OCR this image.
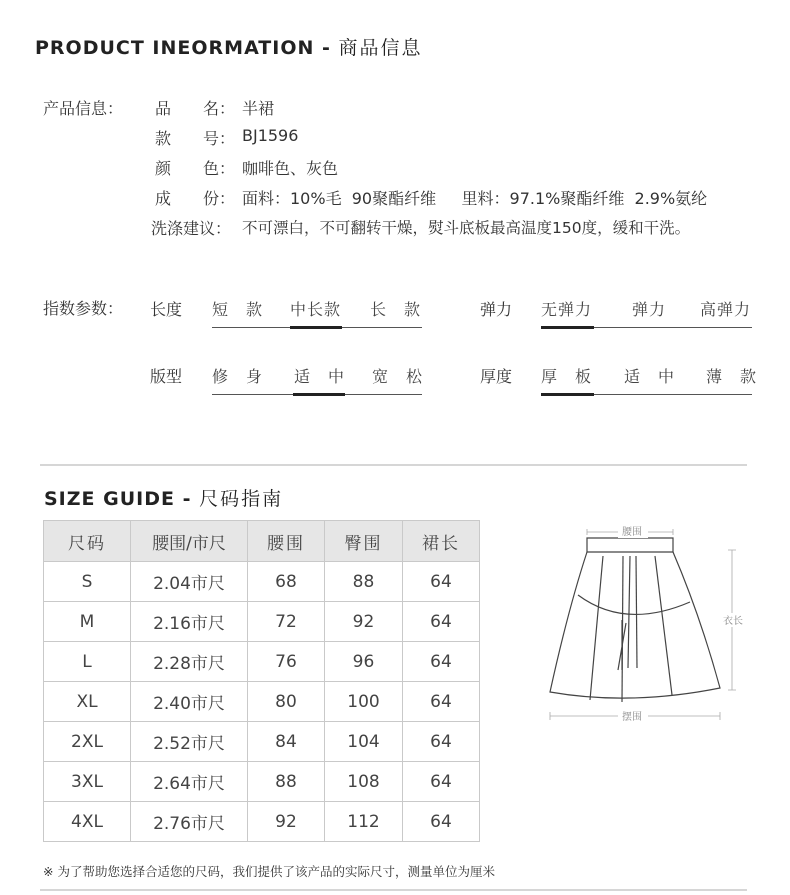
PRODUCT INEORMATION - 商品信息
产品信息： 品　　名： 半裙
款　　号： BJ1596
颜　　色： 咖啡色、灰色
成　　份： 面料：10%毛  90聚酯纤维     里料：97.1%聚酯纤维  2.9%氨纶
洗涤建议： 不可漂白，不可翻转干燥，熨斗底板最高温度150度，缓和干洗。
指数参数： 长度 短　款 中长款 长　款	弹力 无弹力 弹力 高弹力
版型 修　身 适　中 宽　松	厚度 厚　板 适　中 薄　款
SIZE GUIDE - 尺码指南
尺码	腰围/市尺	腰围	臀围	裙长
S	2.04市尺	68	88	64
M	2.16市尺	72	92	64
L	2.28市尺	76	96	64
XL	2.40市尺	80	100	64
2XL	2.52市尺	84	104	64
3XL	2.64市尺	88	108	64
4XL	2.76市尺	92	112	64
腰围
衣长
摆围
※ 为了帮助您选择合适您的尺码，我们提供了该产品的实际尺寸，测量单位为厘米
